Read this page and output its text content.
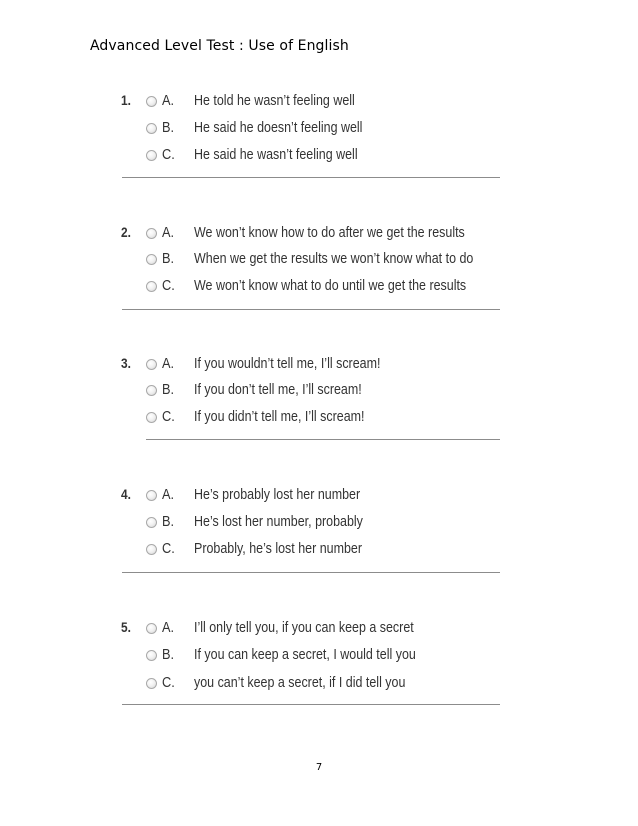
Advanced Level Test : Use of English
1. A.	He told he wasn’t feeling well
B.	He said he doesn’t feeling well
C.	He said he wasn’t feeling well
2. A.	We won’t know how to do after we get the results
B.	When we get the results we won’t know what to do
C.	We won’t know what to do until we get the results
3. A.	If you wouldn’t tell me, I’ll scream!
B.	If you don’t tell me, I’ll scream!
C.	If you didn’t tell me, I’ll scream!
4. A.	He’s probably lost her number
B.	He’s lost her number, probably
C.	Probably, he’s lost her number
5. A.	I’ll only tell you, if you can keep a secret
B.	If you can keep a secret, I would tell you
C.	you can’t keep a secret, if I did tell you
7
